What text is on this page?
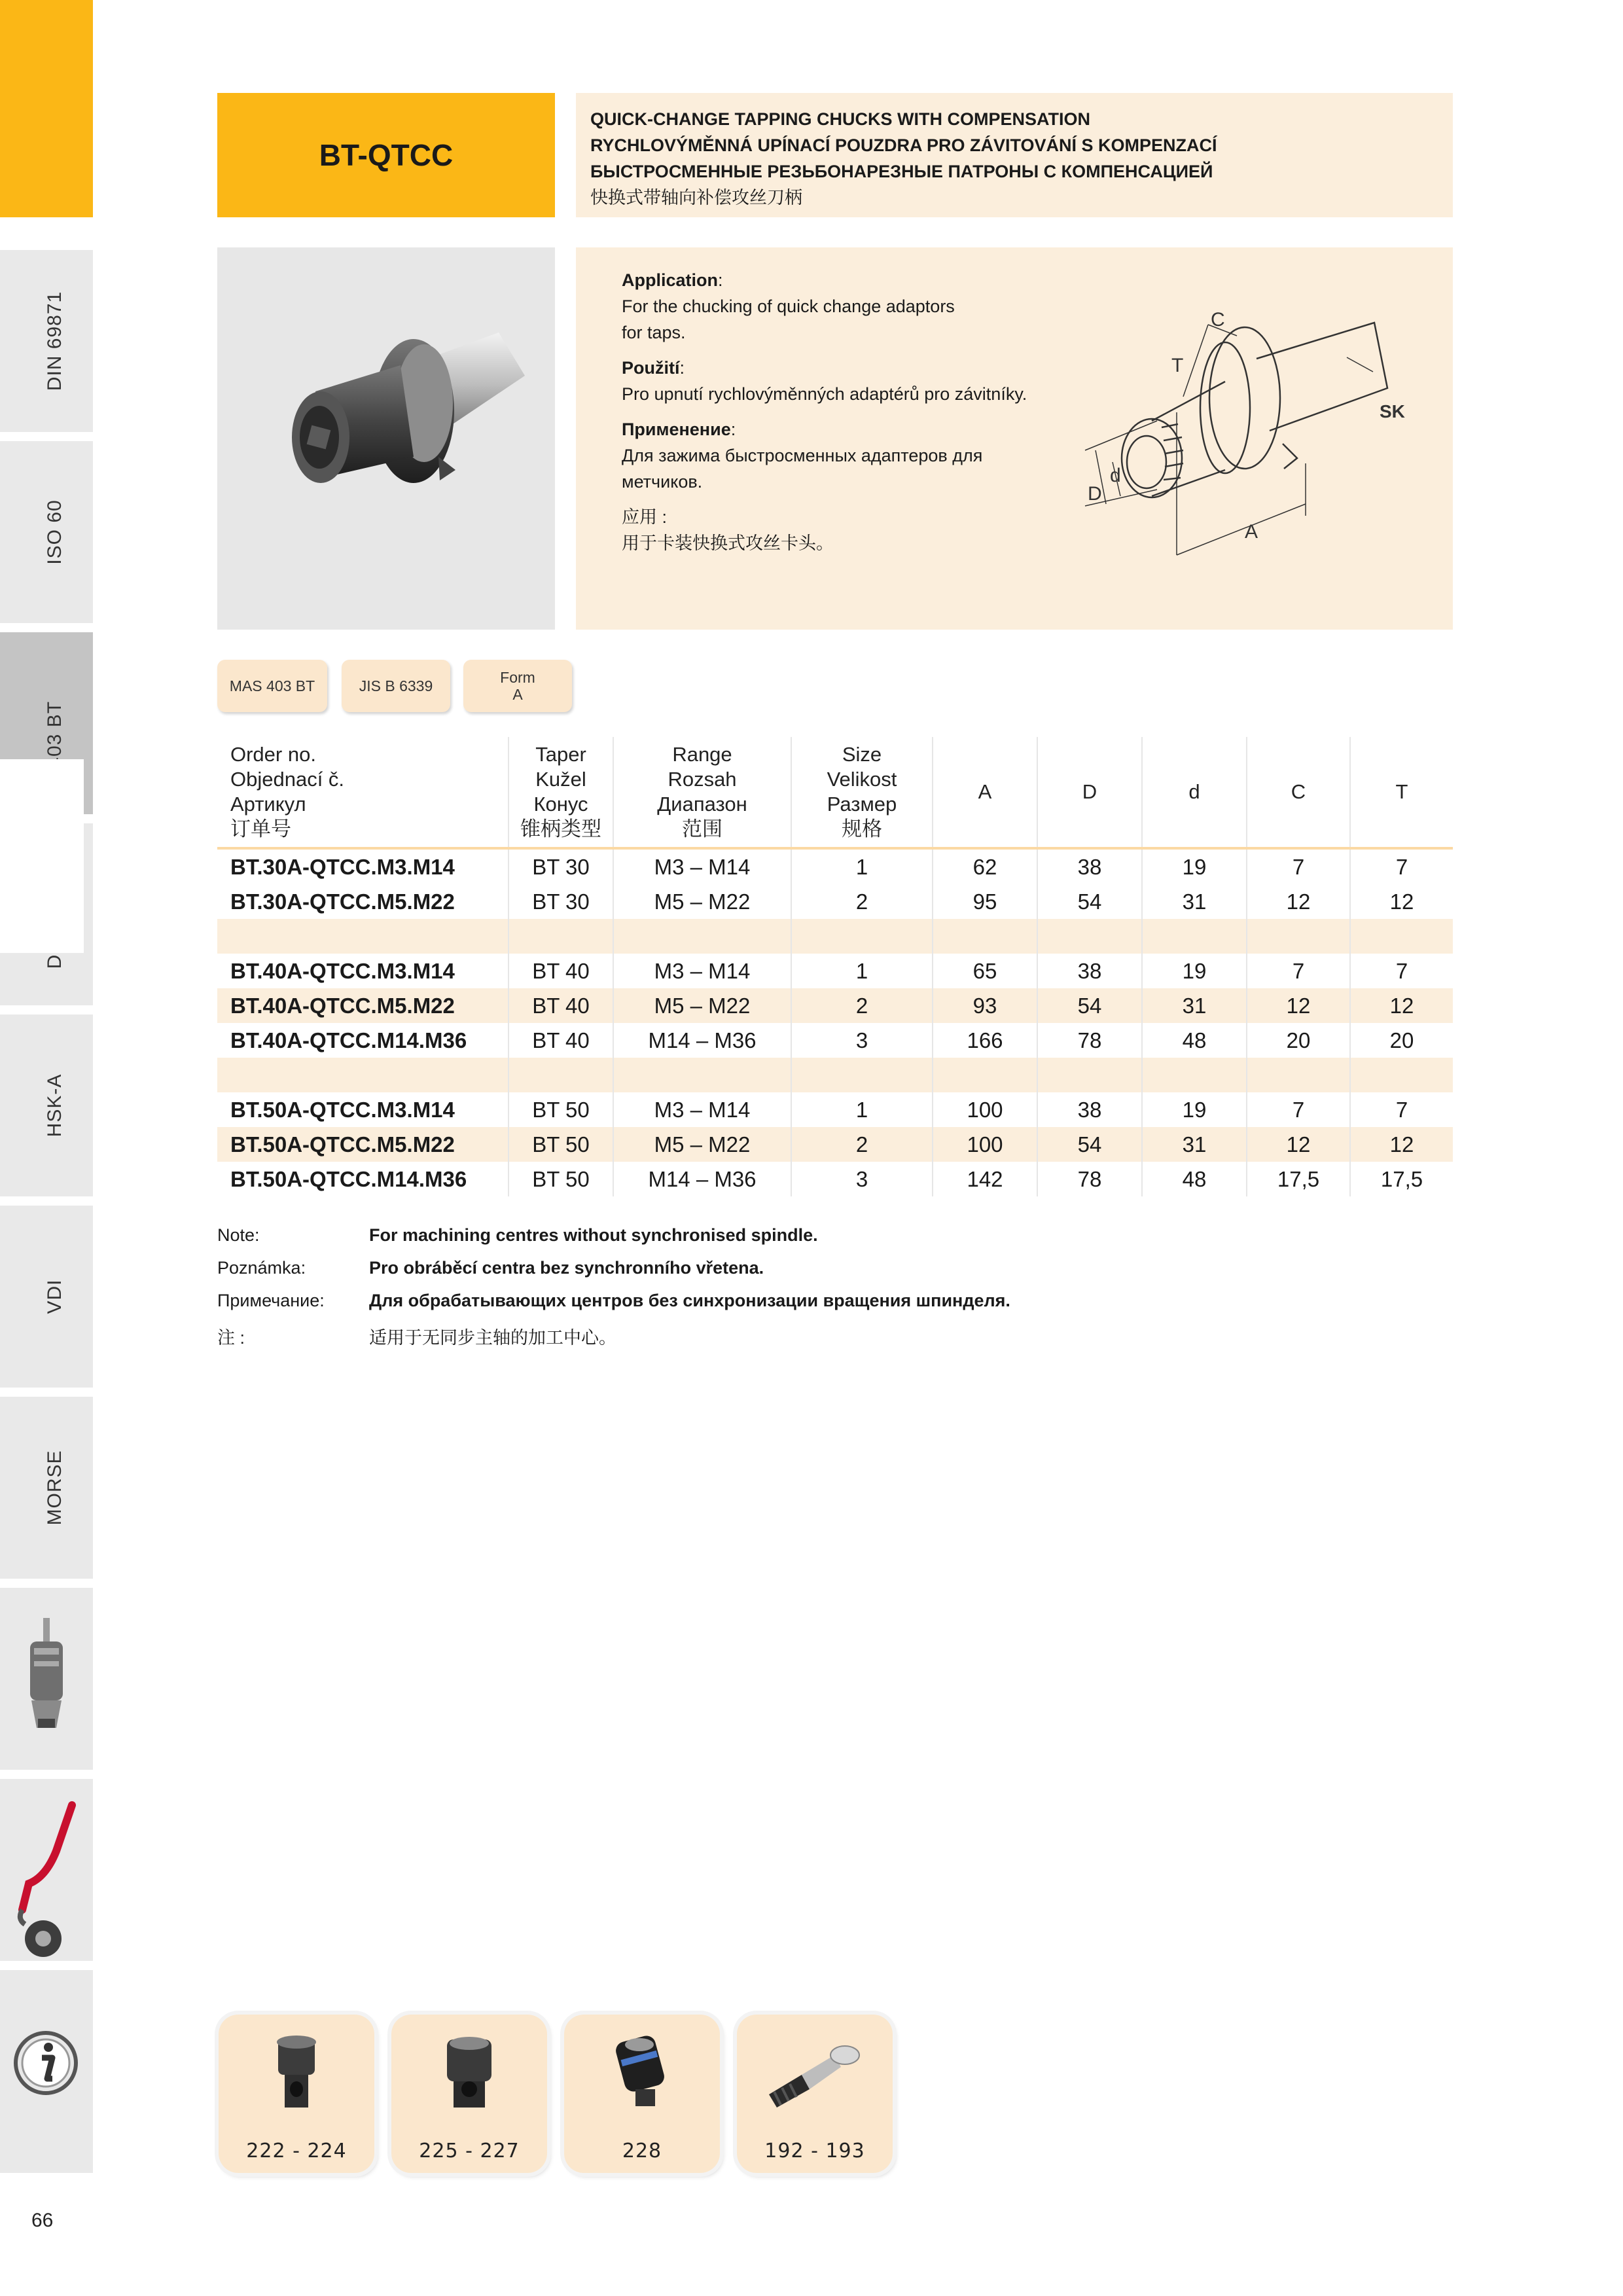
DIN 69871
ISO 60
HSK-A
VDI
MORSE
66
BT-QTCC
QUICK-CHANGE TAPPING CHUCKS WITH COMPENSATION
RYCHLOVÝMĚNNÁ UPÍNACÍ POUZDRA PRO ZÁVITOVÁNÍ S KOMPENZACÍ
БЫСТРОСМЕННЫЕ РЕЗЬБОНАРЕЗНЫЕ ПАТРОНЫ С КОМПЕНСАЦИЕЙ
快换式带轴向补偿攻丝刀柄
Application:
For the chucking of quick change adaptors
for taps.
Použití:
Pro upnutí rychlovýměnných adaptérů pro závitníky.
Применение:
Для зажима быстросменных адаптеров для метчиков.
应用 :
用于卡装快换式攻丝卡头。
T
C
SK
D
d
A
MAS 403 BT	JIS B 6339	Form
A
Order no.
Objednací č.
Артикул
订单号
Taper
Kužel
Конус
锥柄类型
Range
Rozsah
Диапазон
范围
Size
Velikost
Размер
规格
A	D	d	C	T
BT.30A-QTCC.M3.M14	BT 30	M3 – M14	1	62	38	19	7	7
BT.30A-QTCC.M5.M22	BT 30	M5 – M22	2	95	54	31	12	12
BT.40A-QTCC.M3.M14	BT 40	M3 – M14	1	65	38	19	7	7
BT.40A-QTCC.M5.M22	BT 40	M5 – M22	2	93	54	31	12	12
BT.40A-QTCC.M14.M36	BT 40	M14 – M36	3	166	78	48	20	20
BT.50A-QTCC.M3.M14	BT 50	M3 – M14	1	100	38	19	7	7
BT.50A-QTCC.M5.M22	BT 50	M5 – M22	2	100	54	31	12	12
BT.50A-QTCC.M14.M36	BT 50	M14 – M36	3	142	78	48	17,5	17,5
Note:	For machining centres without synchronised spindle.
Poznámka:	Pro obráběcí centra bez synchronního vřetena.
Примечание:	Для обрабатывающих центров без синхронизации вращения шпинделя.
注 :	适用于无同步主轴的加工中心。
222 - 224	225 - 227	228	192 - 193
